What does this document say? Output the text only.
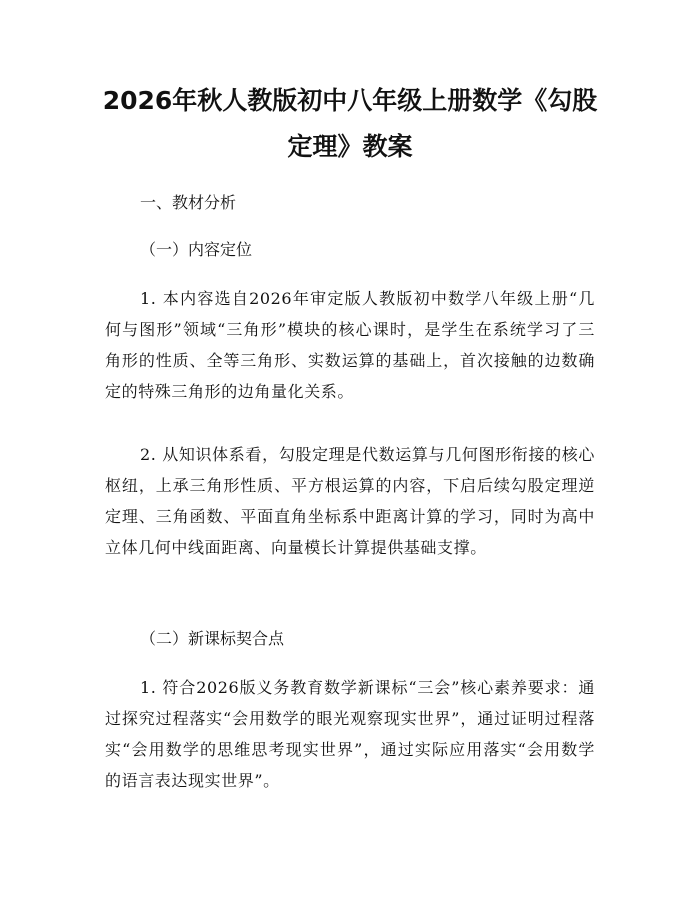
2026年秋人教版初中八年级上册数学《勾股
定理》教案
一、教材分析
（一）内容定位

1. 本内容选自2026年审定版人教版初中数学八年级上册“几何与图形”领域“三角形”模块的核心课时，是学生在系统学习了三角形的性质、全等三角形、实数运算的基础上，首次接触的边数确定的特殊三角形的边角量化关系。

2. 从知识体系看，勾股定理是代数运算与几何图形衔接的核心枢纽，上承三角形性质、平方根运算的内容，下启后续勾股定理逆定理、三角函数、平面直角坐标系中距离计算的学习，同时为高中立体几何中线面距离、向量模长计算提供基础支撑。

（二）新课标契合点

1. 符合2026版义务教育数学新课标“三会”核心素养要求：通过探究过程落实“会用数学的眼光观察现实世界”，通过证明过程落实“会用数学的思维思考现实世界”，通过实际应用落实“会用数学的语言表达现实世界”。
